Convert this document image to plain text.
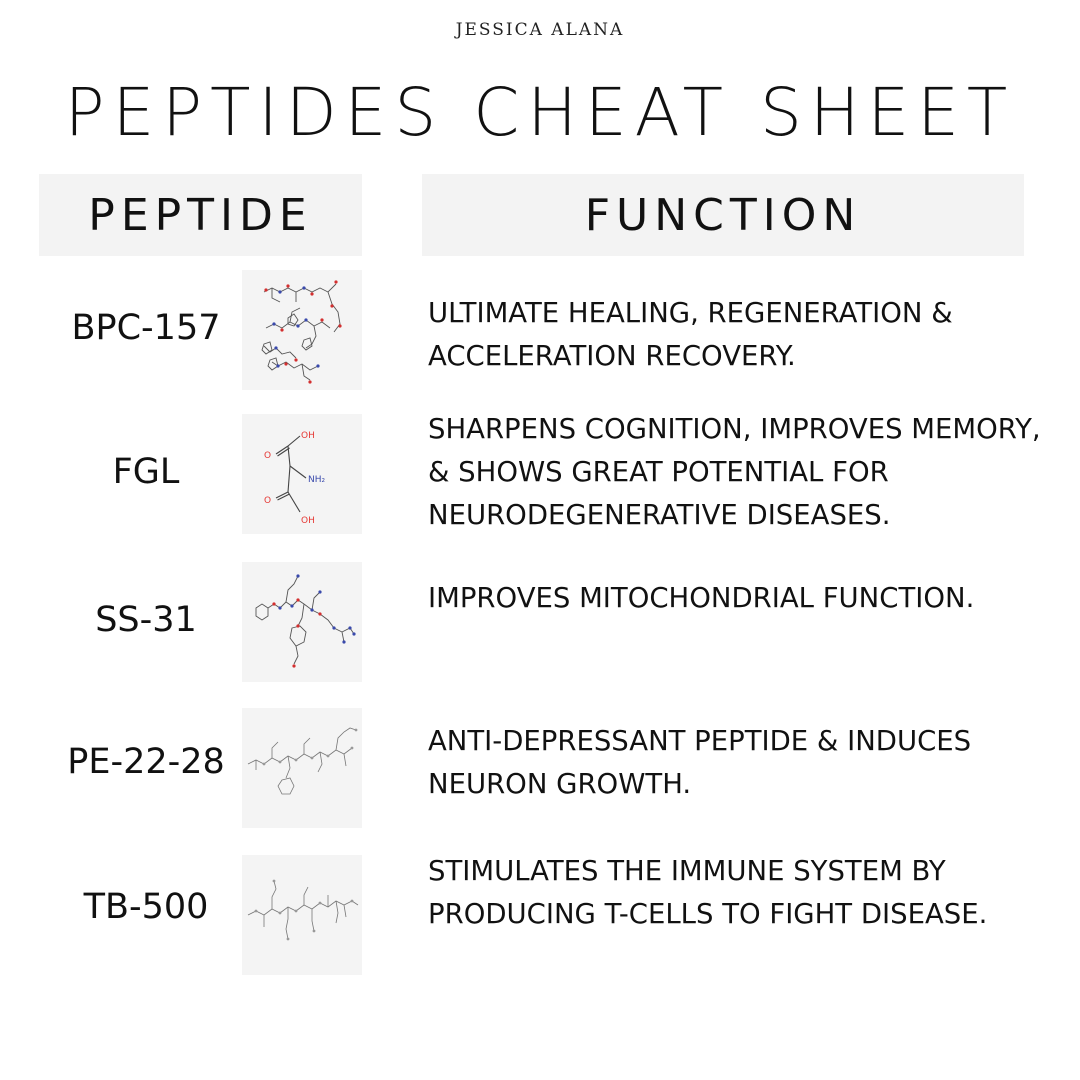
JESSICA ALANA
PEPTIDES CHEAT SHEET
PEPTIDE	FUNCTION
BPC-157	ULTIMATE HEALING, REGENERATION & ACCELERATION RECOVERY.
FGL
OH
O
NH₂
O
OH
SHARPENS COGNITION, IMPROVES MEMORY, & SHOWS GREAT POTENTIAL FOR NEURODEGENERATIVE DISEASES.
SS-31
IMPROVES MITOCHONDRIAL FUNCTION.
PE-22-28
ANTI-DEPRESSANT PEPTIDE & INDUCES NEURON GROWTH.
TB-500
STIMULATES THE IMMUNE SYSTEM BY PRODUCING T-CELLS TO FIGHT DISEASE.
